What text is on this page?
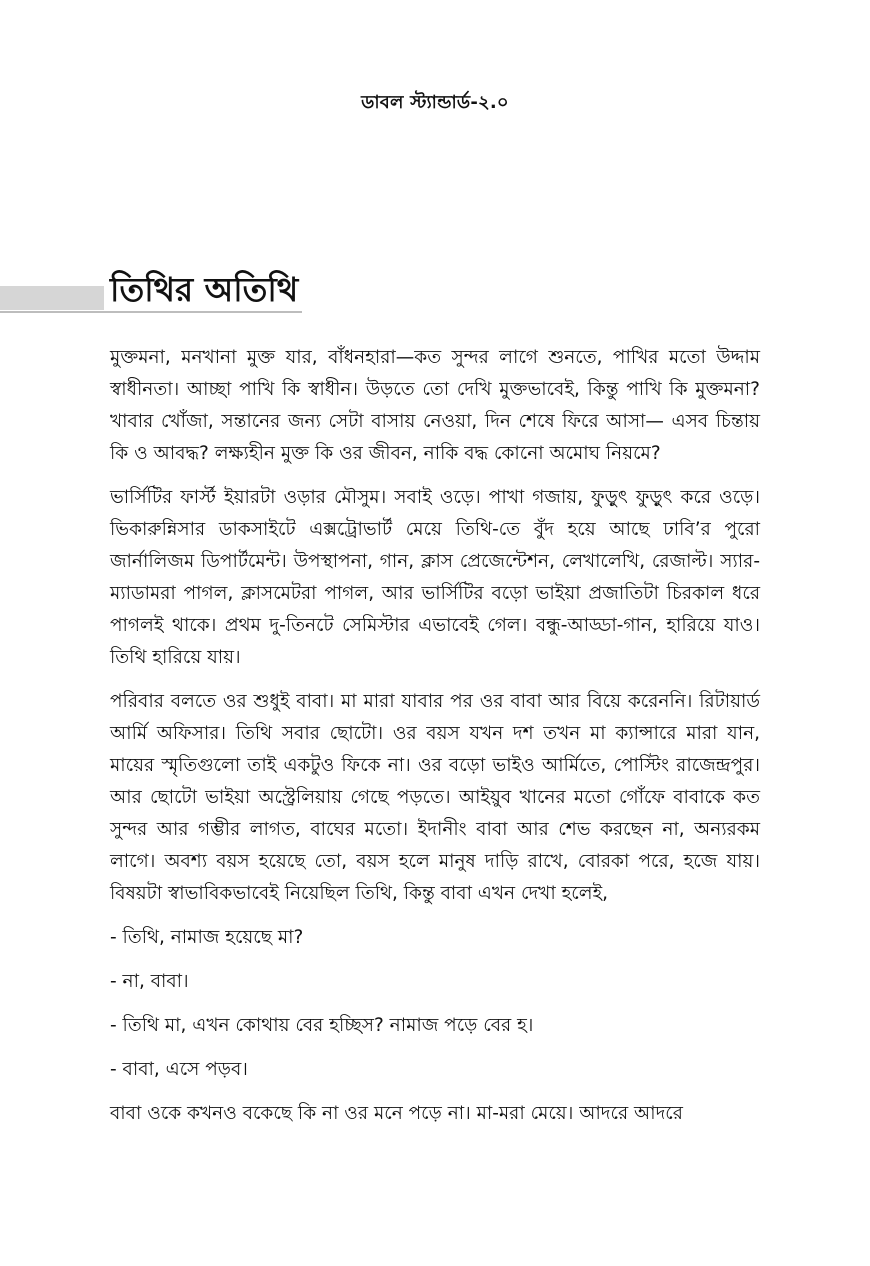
ডাবল স্ট্যান্ডার্ড-২.০
তিথির অতিথি

মুক্তমনা, মনখানা মুক্ত যার, বাঁধনহারা—কত সুন্দর লাগে শুনতে, পাখির মতো উদ্দাম স্বাধীনতা। আচ্ছা পাখি কি স্বাধীন। উড়তে তো দেখি মুক্তভাবেই, কিন্তু পাখি কি মুক্তমনা? খাবার খোঁজা, সন্তানের জন্য সেটা বাসায় নেওয়া, দিন শেষে ফিরে আসা— এসব চিন্তায় কি ও আবদ্ধ? লক্ষ্যহীন মুক্ত কি ওর জীবন, নাকি বদ্ধ কোনো অমোঘ নিয়মে?

ভার্সিটির ফার্স্ট ইয়ারটা ওড়ার মৌসুম। সবাই ওড়ে। পাখা গজায়, ফুড়ুৎ ফুড়ুৎ করে ওড়ে। ভিকারুন্নিসার ডাকসাইটে এক্সট্রোভার্ট মেয়ে তিথি-তে বুঁদ হয়ে আছে ঢাবি’র পুরো জার্নালিজম ডিপার্টমেন্ট। উপস্থাপনা, গান, ক্লাস প্রেজেন্টেশন, লেখালেখি, রেজাল্ট। স্যার-ম্যাডামরা পাগল, ক্লাসমেটরা পাগল, আর ভার্সিটির বড়ো ভাইয়া প্রজাতিটা চিরকাল ধরে পাগলই থাকে। প্রথম দু-তিনটে সেমিস্টার এভাবেই গেল। বন্ধু-আড্ডা-গান, হারিয়ে যাও। তিথি হারিয়ে যায়।

পরিবার বলতে ওর শুধুই বাবা। মা মারা যাবার পর ওর বাবা আর বিয়ে করেননি। রিটায়ার্ড আর্মি অফিসার। তিথি সবার ছোটো। ওর বয়স যখন দশ তখন মা ক্যান্সারে মারা যান, মায়ের স্মৃতিগুলো তাই একটুও ফিকে না। ওর বড়ো ভাইও আর্মিতে, পোস্টিং রাজেন্দ্রপুর। আর ছোটো ভাইয়া অস্ট্রেলিয়ায় গেছে পড়তে। আইয়ুব খানের মতো গোঁফে বাবাকে কত সুন্দর আর গম্ভীর লাগত, বাঘের মতো। ইদানীং বাবা আর শেভ করছেন না, অন্যরকম লাগে। অবশ্য বয়স হয়েছে তো, বয়স হলে মানুষ দাড়ি রাখে, বোরকা পরে, হজে যায়। বিষয়টা স্বাভাবিকভাবেই নিয়েছিল তিথি, কিন্তু বাবা এখন দেখা হলেই,

- তিথি, নামাজ হয়েছে মা?

- না, বাবা।

- তিথি মা, এখন কোথায় বের হচ্ছিস? নামাজ পড়ে বের হ।

- বাবা, এসে পড়ব।

বাবা ওকে কখনও বকেছে কি না ওর মনে পড়ে না। মা-মরা মেয়ে। আদরে আদরে
